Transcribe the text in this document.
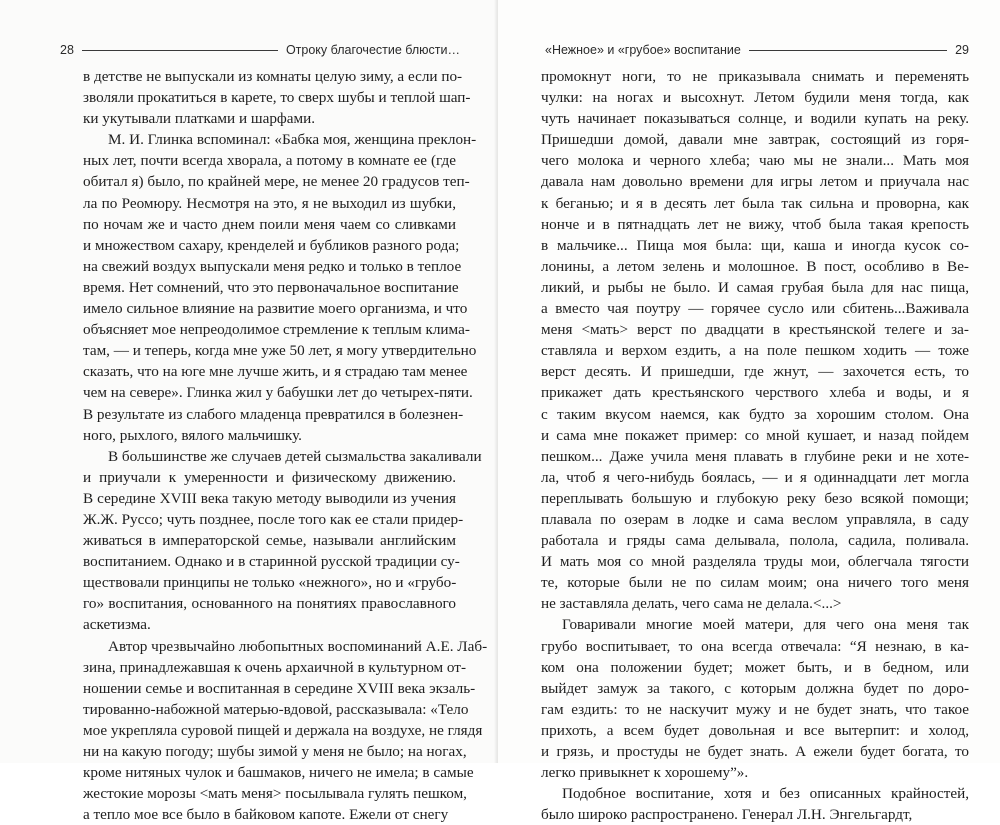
28	Отроку благочестие блюсти…
в детстве не выпускали из комнаты целую зиму, а если по-
зволяли прокатиться в карете, то сверх шубы и теплой шап-
ки укутывали платками и шарфами.
М. И. Глинка вспоминал: «Бабка моя, женщина преклон-
ных лет, почти всегда хворала, а потому в комнате ее (где
обитал я) было, по крайней мере, не менее 20 градусов теп-
ла по Реомюру. Несмотря на это, я не выходил из шубки,
по ночам же и часто днем поили меня чаем со сливками
и множеством сахару, кренделей и бубликов разного рода;
на свежий воздух выпускали меня редко и только в теплое
время. Нет сомнений, что это первоначальное воспитание
имело сильное влияние на развитие моего организма, и что
объясняет мое непреодолимое стремление к теплым климa-
там, — и теперь, когда мне уже 50 лет, я могу утвердительно
сказать, что на юге мне лучше жить, и я страдаю там менее
чем на севере». Глинка жил у бабушки лет до четырех-пяти.
В результате из слабого младенца превратился в болезнен-
ного, рыхлого, вялого мальчишку.
В большинстве же случаев детей сызмальства закаливали
и приучали к умеренности и физическому движению.
В середине XVIII века такую методу выводили из учения
Ж.Ж. Руссо; чуть позднее, после того как ее стали придер-
живаться в императорской семье, называли английским
воспитанием. Однако и в старинной русской традиции су-
ществовали принципы не только «нежного», но и «грубо-
го» воспитания, основанного на понятиях православного
аскетизма.
Автор чрезвычайно любопытных воспоминаний А.Е. Лаб-
зина, принадлежавшая к очень архаичной в культурном от-
ношении семье и воспитанная в середине XVIII века экзаль-
тированно-набожной матерью-вдовой, рассказывала: «Тело
мое укрепляла суровой пищей и держала на воздухе, не глядя
ни на какую погоду; шубы зимой у меня не было; на ногах,
кроме нитяных чулок и башмаков, ничего не имела; в самые
жестокие морозы <мать меня> посылывала гулять пешком,
а тепло мое все было в байковом капоте. Ежели от снегу
«Нежное» и «грубое» воспитание	29
промокнут ноги, то не приказывала снимать и переменять
чулки: на ногах и высохнут. Летом будили меня тогда, как
чуть начинает показываться солнце, и водили купать на реку.
Пришедши домой, давали мне завтрак, состоящий из горя-
чего молока и черного хлеба; чаю мы не знали... Мать моя
давала нам довольно времени для игры летом и приучала нас
к беганью; и я в десять лет была так сильна и проворна, как
нонче и в пятнадцать лет не вижу, чтоб была такая крепость
в мальчике... Пища моя была: щи, каша и иногда кусок со-
лонины, а летом зелень и молошное. В пост, особливо в Ве-
ликий, и рыбы не было. И самая грубая была для нас пища,
а вместо чая поутру — горячее сусло или сбитень...Важивала
меня <мать> верст по двадцати в крестьянской телеге и за-
ставляла и верхом ездить, а на поле пешком ходить — тоже
верст десять. И пришедши, где жнут, — захочется есть, то
прикажет дать крестьянского черствого хлеба и воды, и я
с таким вкусом наемся, как будто за хорошим столом. Она
и сама мне покажет пример: со мной кушает, и назад пойдем
пешком... Даже учила меня плавать в глубине реки и не хоте-
ла, чтоб я чего-нибудь боялась, — и я одиннадцати лет могла
переплывать большую и глубокую реку безо всякой помощи;
плавала по озерам в лодке и сама веслом управляла, в саду
работала и гряды сама делывала, полола, садила, поливала.
И мать моя со мной разделяла труды мои, облегчала тягости
те, которые были не по силам моим; она ничего того меня
не заставляла делать, чего сама не делала.<...>
Говаривали многие моей матери, для чего она меня так
грубо воспитывает, то она всегда отвечала: “Я незнаю, в ка-
ком она положении будет; может быть, и в бедном, или
выйдет замуж за такого, с которым должна будет по доро-
гам ездить: то не наскучит мужу и не будет знать, что такое
прихоть, а всем будет довольная и все вытерпит: и холод,
и грязь, и простуды не будет знать. А ежели будет богата, то
легко привыкнет к хорошему”».
Подобное воспитание, хотя и без описанных крайностей,
было широко распространено. Генерал Л.Н. Энгельгардт,
